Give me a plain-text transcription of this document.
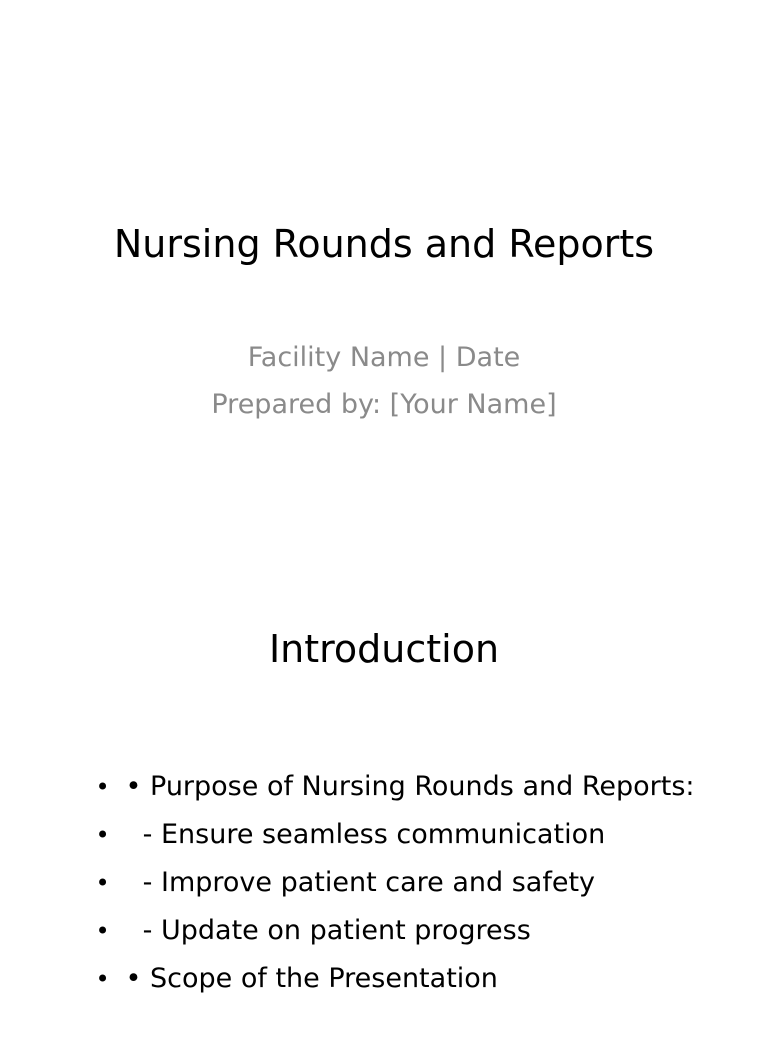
Nursing Rounds and Reports
Facility Name | Date
Prepared by: [Your Name]
Introduction

• • Purpose of Nursing Rounds and Reports:

•  - Ensure seamless communication

•  - Improve patient care and safety

•  - Update on patient progress

• • Scope of the Presentation
